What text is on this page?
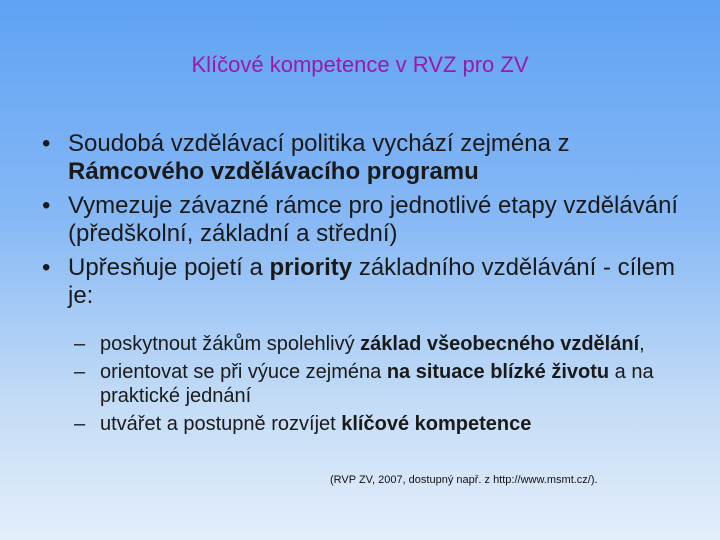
Klíčové kompetence v RVZ pro ZV
• Soudobá vzdělávací politika vychází zejména z Rámcového vzdělávacího programu
• Vymezuje závazné rámce pro jednotlivé etapy vzdělávání (předškolní, základní a střední)
• Upřesňuje pojetí a priority základního vzdělávání - cílem je:
– poskytnout žákům spolehlivý základ všeobecného vzdělání,
– orientovat se při výuce zejména na situace blízké životu a na praktické jednání
– utvářet a postupně rozvíjet klíčové kompetence
(RVP ZV, 2007, dostupný např. z http://www.msmt.cz/).
